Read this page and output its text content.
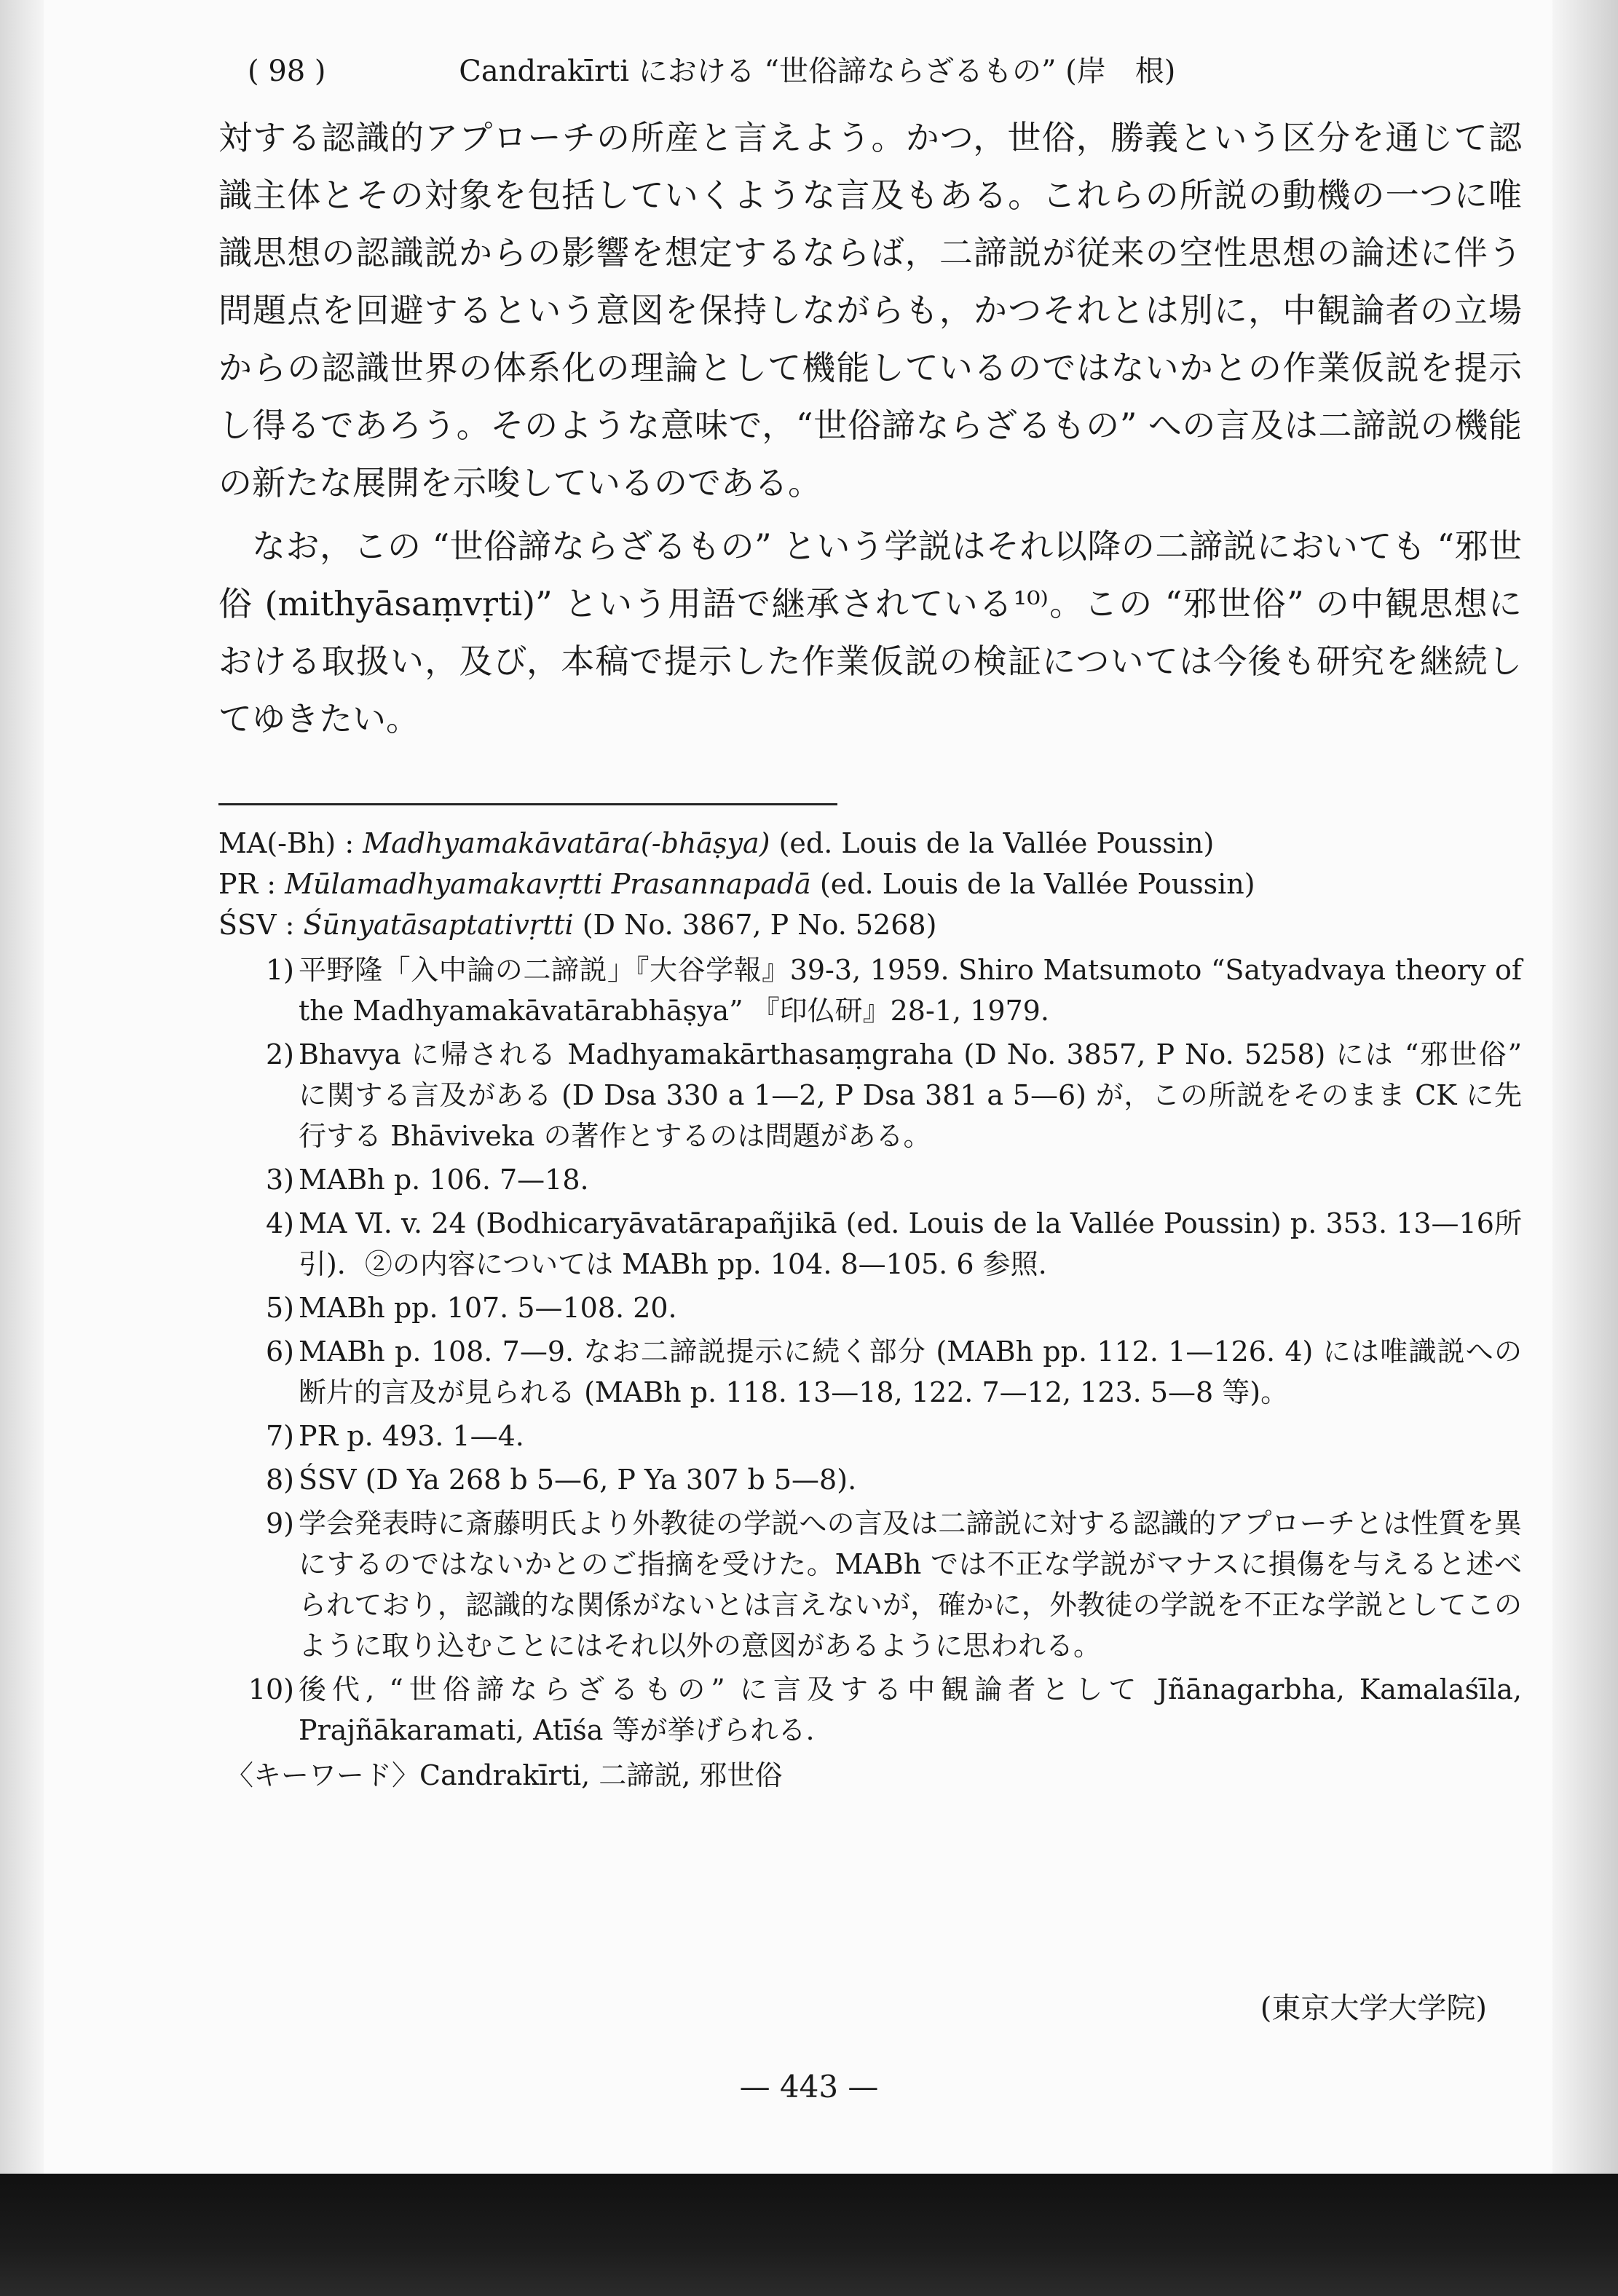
( 98 )	Candrakīrti における “世俗諦ならざるもの” (岸　根)

対する認識的アプローチの所産と言えよう。かつ，世俗，勝義という区分を通じて認識主体とその対象を包括していくような言及もある。これらの所説の動機の一つに唯識思想の認識説からの影響を想定するならば，二諦説が従来の空性思想の論述に伴う問題点を回避するという意図を保持しながらも，かつそれとは別に，中観論者の立場からの認識世界の体系化の理論として機能しているのではないかとの作業仮説を提示し得るであろう。そのような意味で，“世俗諦ならざるもの” への言及は二諦説の機能の新たな展開を示唆しているのである。

なお，この “世俗諦ならざるもの” という学説はそれ以降の二諦説においても “邪世俗 (mithyāsaṃvṛti)” という用語で継承されている¹⁰⁾。この “邪世俗” の中観思想における取扱い，及び，本稿で提示した作業仮説の検証については今後も研究を継続してゆきたい。

MA(-Bh) : Madhyamakāvatāra(-bhāṣya) (ed. Louis de la Vallée Poussin)

PR : Mūlamadhyamakavṛtti Prasannapadā (ed. Louis de la Vallée Poussin)

ŚSV : Śūnyatāsaptativṛtti (D No. 3867, P No. 5268)

1) 平野隆「入中論の二諦説」『大谷学報』39-3, 1959. Shiro Matsumoto “Satyadvaya theory of the Madhyamakāvatārabhāṣya” 『印仏研』28-1, 1979.
2) Bhavya に帰される Madhyamakārthasaṃgraha (D No. 3857, P No. 5258) には “邪世俗” に関する言及がある (D Dsa 330 a 1—2, P Dsa 381 a 5—6) が，この所説をそのまま CK に先行する Bhāviveka の著作とするのは問題がある。
3) MABh p. 106. 7—18.
4) MA Ⅵ. v. 24 (Bodhicaryāvatārapañjikā (ed. Louis de la Vallée Poussin) p. 353. 13—16所引)．②の内容については MABh pp. 104. 8—105. 6 参照.
5) MABh pp. 107. 5—108. 20.
6) MABh p. 108. 7—9. なお二諦説提示に続く部分 (MABh pp. 112. 1—126. 4) には唯識説への断片的言及が見られる (MABh p. 118. 13—18, 122. 7—12, 123. 5—8 等)。
7) PR p. 493. 1—4.
8) ŚSV (D Ya 268 b 5—6, P Ya 307 b 5—8).
9) 学会発表時に斎藤明氏より外教徒の学説への言及は二諦説に対する認識的アプローチとは性質を異にするのではないかとのご指摘を受けた。MABh では不正な学説がマナスに損傷を与えると述べられており，認識的な関係がないとは言えないが，確かに，外教徒の学説を不正な学説としてこのように取り込むことにはそれ以外の意図があるように思われる。
10) 後代, “世俗諦ならざるもの” に言及する中観論者として Jñānagarbha, Kamalaśīla, Prajñākaramati, Atīśa 等が挙げられる.

〈キーワード〉Candrakīrti, 二諦説, 邪世俗

(東京大学大学院)
— 443 —
